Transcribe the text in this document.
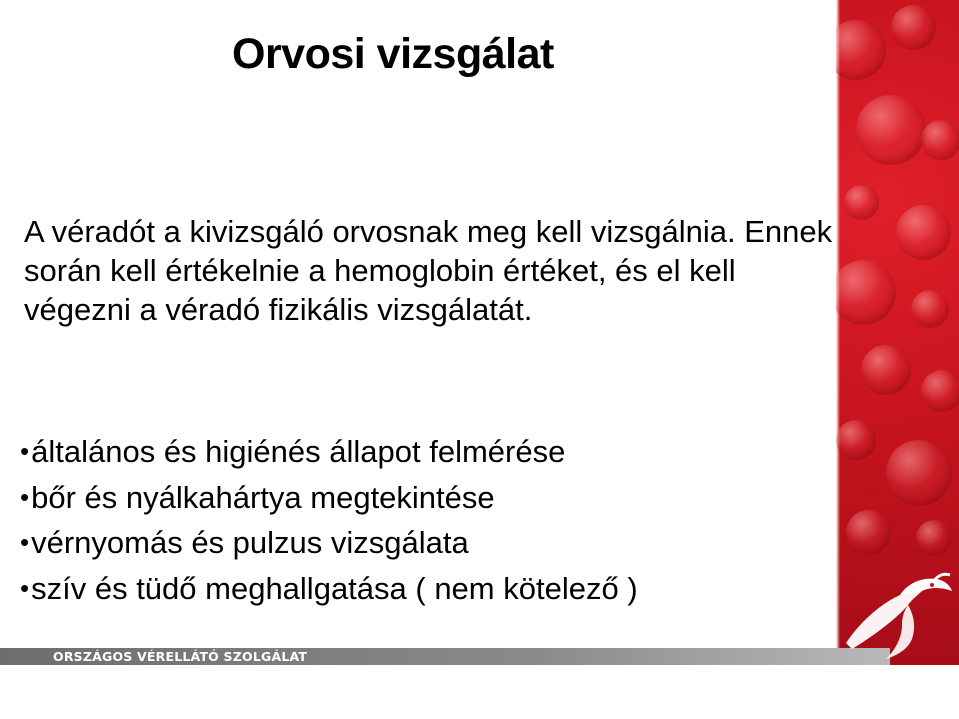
Orvosi vizsgálat

A véradót a kivizsgáló orvosnak meg kell vizsgálnia. Ennek során kell értékelnie a hemoglobin értéket, és el kell végezni a véradó fizikális vizsgálatát.

•általános és higiénés állapot felmérése
•bőr és nyálkahártya megtekintése
•vérnyomás és pulzus vizsgálata
•szív és tüdő meghallgatása ( nem kötelező )
ORSZÁGOS VÉRELLÁTÓ SZOLGÁLAT
